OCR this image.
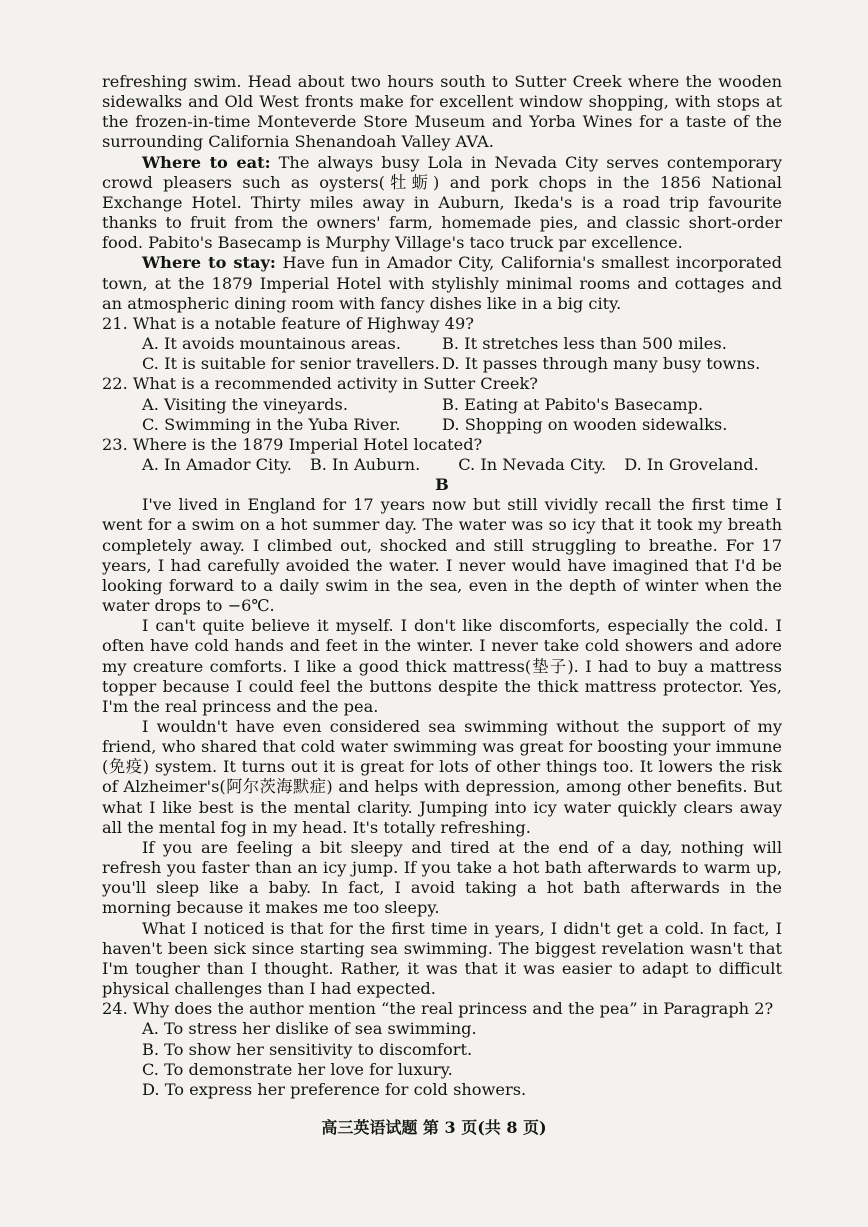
refreshing swim. Head about two hours south to Sutter Creek where the wooden sidewalks and Old West fronts make for excellent window shopping, with stops at the frozen-in-time Monteverde Store Museum and Yorba Wines for a taste of the surrounding California Shenandoah Valley AVA.

Where to eat: The always busy Lola in Nevada City serves contemporary crowd pleasers such as oysters(牡蛎) and pork chops in the 1856 National Exchange Hotel. Thirty miles away in Auburn, Ikeda's is a road trip favourite thanks to fruit from the owners' farm, homemade pies, and classic short-order food. Pabito's Basecamp is Murphy Village's taco truck par excellence.

Where to stay: Have fun in Amador City, California's smallest incorporated town, at the 1879 Imperial Hotel with stylishly minimal rooms and cottages and an atmospheric dining room with fancy dishes like in a big city.

21. What is a notable feature of Highway 49?

A. It avoids mountainous areas.	B. It stretches less than 500 miles.
C. It is suitable for senior travellers. D. It passes through many busy towns.

22. What is a recommended activity in Sutter Creek?

A. Visiting the vineyards.	B. Eating at Pabito's Basecamp.
C. Swimming in the Yuba River.	D. Shopping on wooden sidewalks.

23. Where is the 1879 Imperial Hotel located?

A. In Amador City. B. In Auburn. C. In Nevada City. D. In Groveland.

B

I've lived in England for 17 years now but still vividly recall the first time I went for a swim on a hot summer day. The water was so icy that it took my breath completely away. I climbed out, shocked and still struggling to breathe. For 17 years, I had carefully avoided the water. I never would have imagined that I'd be looking forward to a daily swim in the sea, even in the depth of winter when the water drops to −6℃.

I can't quite believe it myself. I don't like discomforts, especially the cold. I often have cold hands and feet in the winter. I never take cold showers and adore my creature comforts. I like a good thick mattress(垫子). I had to buy a mattress topper because I could feel the buttons despite the thick mattress protector. Yes, I'm the real princess and the pea.

I wouldn't have even considered sea swimming without the support of my friend, who shared that cold water swimming was great for boosting your immune (免疫) system. It turns out it is great for lots of other things too. It lowers the risk of Alzheimer's(阿尔茨海默症) and helps with depression, among other benefits. But what I like best is the mental clarity. Jumping into icy water quickly clears away all the mental fog in my head. It's totally refreshing.

If you are feeling a bit sleepy and tired at the end of a day, nothing will refresh you faster than an icy jump. If you take a hot bath afterwards to warm up, you'll sleep like a baby. In fact, I avoid taking a hot bath afterwards in the morning because it makes me too sleepy.

What I noticed is that for the first time in years, I didn't get a cold. In fact, I haven't been sick since starting sea swimming. The biggest revelation wasn't that I'm tougher than I thought. Rather, it was that it was easier to adapt to difficult physical challenges than I had expected.

24. Why does the author mention “the real princess and the pea” in Paragraph 2?

A. To stress her dislike of sea swimming.

B. To show her sensitivity to discomfort.

C. To demonstrate her love for luxury.

D. To express her preference for cold showers.

高三英语试题 第 3 页(共 8 页)
